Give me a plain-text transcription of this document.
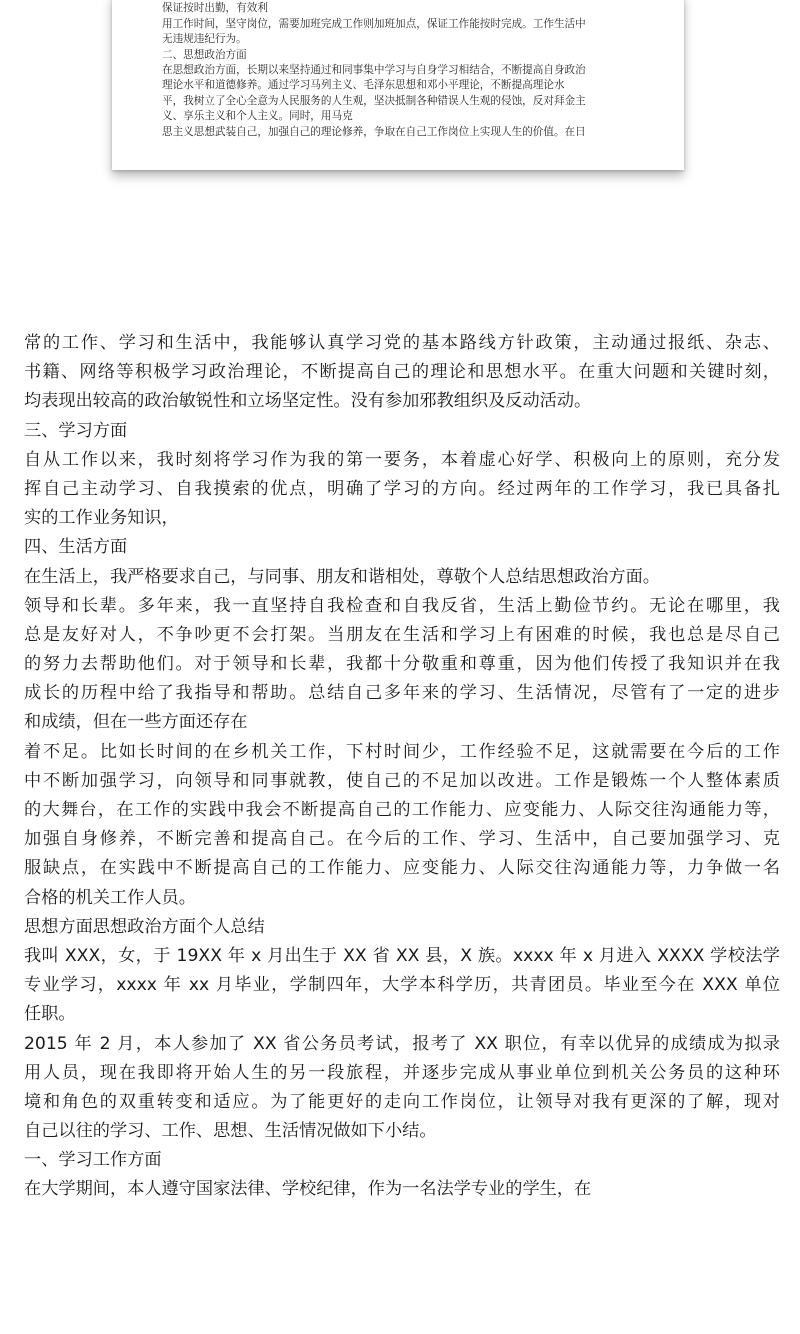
保证按时出勤，有效利
用工作时间，坚守岗位，需要加班完成工作则加班加点，保证工作能按时完成。工作生活中
无违规违纪行为。
二、思想政治方面
在思想政治方面，长期以来坚持通过和同事集中学习与自身学习相结合，不断提高自身政治
理论水平和道德修养。通过学习马列主义、毛泽东思想和邓小平理论，不断提高理论水
平，我树立了全心全意为人民服务的人生观，坚决抵制各种错误人生观的侵蚀，反对拜金主
义、享乐主义和个人主义。同时，用马克
思主义思想武装自己，加强自己的理论修养，争取在自己工作岗位上实现人生的价值。在日
常的工作、学习和生活中，我能够认真学习党的基本路线方针政策，主动通过报纸、杂志、
书籍、网络等积极学习政治理论，不断提高自己的理论和思想水平。在重大问题和关键时刻，
均表现出较高的政治敏锐性和立场坚定性。没有参加邪教组织及反动活动。
三、学习方面
自从工作以来，我时刻将学习作为我的第一要务，本着虚心好学、积极向上的原则，充分发
挥自己主动学习、自我摸索的优点，明确了学习的方向。经过两年的工作学习，我已具备扎
实的工作业务知识，
四、生活方面
在生活上，我严格要求自己，与同事、朋友和谐相处，尊敬个人总结思想政治方面。
领导和长辈。多年来，我一直坚持自我检查和自我反省，生活上勤俭节约。无论在哪里，我
总是友好对人，不争吵更不会打架。当朋友在生活和学习上有困难的时候，我也总是尽自己
的努力去帮助他们。对于领导和长辈，我都十分敬重和尊重，因为他们传授了我知识并在我
成长的历程中给了我指导和帮助。总结自己多年来的学习、生活情况，尽管有了一定的进步
和成绩，但在一些方面还存在
着不足。比如长时间的在乡机关工作，下村时间少，工作经验不足，这就需要在今后的工作
中不断加强学习，向领导和同事就教，使自己的不足加以改进。工作是锻炼一个人整体素质
的大舞台，在工作的实践中我会不断提高自己的工作能力、应变能力、人际交往沟通能力等，
加强自身修养，不断完善和提高自己。在今后的工作、学习、生活中，自己要加强学习、克
服缺点，在实践中不断提高自己的工作能力、应变能力、人际交往沟通能力等，力争做一名
合格的机关工作人员。
思想方面思想政治方面个人总结
我叫 XXX，女，于 19XX 年 x 月出生于 XX 省 XX 县，X 族。xxxx 年 x 月进入 XXXX 学校法学
专业学习，xxxx 年 xx 月毕业，学制四年，大学本科学历，共青团员。毕业至今在 XXX 单位
任职。
2015 年 2 月，本人参加了 XX 省公务员考试，报考了 XX 职位，有幸以优异的成绩成为拟录
用人员，现在我即将开始人生的另一段旅程，并逐步完成从事业单位到机关公务员的这种环
境和角色的双重转变和适应。为了能更好的走向工作岗位，让领导对我有更深的了解，现对
自己以往的学习、工作、思想、生活情况做如下小结。
一、学习工作方面
在大学期间，本人遵守国家法律、学校纪律，作为一名法学专业的学生，在
